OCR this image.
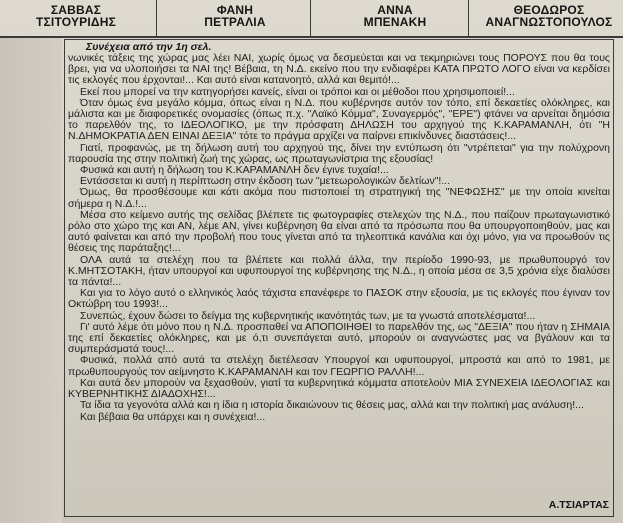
ΣΑΒΒΑΣ
ΤΣΙΤΟΥΡΙΔΗΣ
ΦΑΝΗ
ΠΕΤΡΑΛΙΑ
ΑΝΝΑ
ΜΠΕΝΑΚΗ
ΘΕΟΔΩΡΟΣ
ΑΝΑΓΝΩΣΤΟΠΟΥΛΟΣ
Συνέχεια από την 1η σελ.

νωνικές τάξεις της χώρας μας λέει ΝΑΙ, χωρίς όμως να δεσμεύεται και να τεκμηριώνει τους ΠΟΡΟΥΣ που θα τους βρει, για να υλοποιήσει τα ΝΑΙ της! Βέβαια, τη Ν.Δ. εκείνο που την ενδιαφέρει ΚΑΤΑ ΠΡΩΤΟ ΛΟΓΟ είναι να κερδίσει τις εκλογές που έρχονται!... Και αυτό είναι κατανοητό, αλλά και θεμιτό!...

Εκεί που μπορεί να την κατηγορήσει κανείς, είναι οι τρόποι και οι μέθοδοι που χρησιμοποιεί!...

Όταν όμως ένα μεγάλο κόμμα, όπως είναι η Ν.Δ. που κυβέρνησε αυτόν τον τόπο, επί δεκαετίες ολόκληρες, και μάλιστα και με διαφορετικές ονομασίες (όπως π.χ. "Λαϊκό Κόμμα", Συναγερμός", "ΕΡΕ") φτάνει να αρνείται δημόσια το παρελθόν της, το ΙΔΕΟΛΟΓΙΚΟ, με την πρόσφατη ΔΗΛΩΣΗ του αρχηγού της Κ.ΚΑΡΑΜΑΝΛΗ, ότι "Η Ν.ΔΗΜΟΚΡΑΤΙΑ ΔΕΝ ΕΙΝΑΙ ΔΕΞΙΑ" τότε το πράγμα αρχίζει να παίρνει επικίνδυνες διαστάσεις!...

Γιατί, προφανώς, με τη δήλωση αυτή του αρχηγού της, δίνει την εντύπωση ότι "ντρέπεται" για την πολύχρονη παρουσία της στην πολιτική ζωή της χώρας, ως πρωταγωνίστρια της εξουσίας!

Φυσικά και αυτή η δήλωση του Κ.ΚΑΡΑΜΑΝΛΗ δεν έγινε τυχαία!...

Εντάσσεται κι αυτή η περίπτωση στην έκδοση των "μετεωρολογικών δελτίων"!...

Όμως, θα προσθέσουμε και κάτι ακόμα που πιστοποιεί τη στρατηγική της "ΝΕΦΩΣΗΣ" με την οποία κινείται σήμερα η Ν.Δ.!...

Μέσα στο κείμενο αυτής της σελίδας βλέπετε τις φωτογραφίες στελεχών της Ν.Δ., που παίζουν πρωταγωνιστικό ρόλο στο χώρο της και ΑΝ, λέμε ΑΝ, γίνει κυβέρνηση θα είναι από τα πρόσωπα που θα υπουργοποιηθούν, μας και αυτό φαίνεται και από την προβολή που τους γίνεται από τα τηλεοπτικά κανάλια και όχι μόνο, για να προωθούν τις θέσεις της παράταξης!...

ΟΛΑ αυτά τα στελέχη που τα βλέπετε και πολλά άλλα, την περίοδο 1990-93, με πρωθυπουργό τον Κ.ΜΗΤΣΟΤΑΚΗ, ήταν υπουργοί και υφυπουργοί της κυβέρνησης της Ν.Δ., η οποία μέσα σε 3,5 χρόνια είχε διαλύσει τα πάντα!...

Και για το λόγο αυτό ο ελληνικός λαός τάχιστα επανέφερε το ΠΑΣΟΚ στην εξουσία, με τις εκλογές που έγιναν τον Οκτώβρη του 1993!...

Συνεπώς, έχουν δώσει το δείγμα της κυβερνητικής ικανότητάς των, με τα γνωστά αποτελέσματα!...

Γι' αυτό λέμε ότι μόνο που η Ν.Δ. προσπαθεί να ΑΠΟΠΟΙΗΘΕΙ το παρελθόν της, ως "ΔΕΞΙΑ" που ήταν η ΣΗΜΑΙΑ της επί δεκαετίες ολόκληρες, και με ό,τι συνεπάγεται αυτό, μπορούν οι αναγνώστες μας να βγάλουν και τα συμπεράσματά τους!...

Φυσικά, πολλά από αυτά τα στελέχη διετέλεσαν Υπουργοί και υφυπουργοί, μπροστά και από το 1981, με πρωθυπουργούς τον αείμνηστο Κ.ΚΑΡΑΜΑΝΛΗ και τον ΓΕΩΡΓΙΟ ΡΑΛΛΗ!...

Και αυτά δεν μπορούν να ξεχασθούν, γιατί τα κυβερνητικά κόμματα αποτελούν ΜΙΑ ΣΥΝΕΧΕΙΑ ΙΔΕΟΛΟΓΙΑΣ και ΚΥΒΕΡΝΗΤΙΚΗΣ ΔΙΑΔΟΧΗΣ!...

Τα ίδια τα γεγονότα αλλά και η ίδια η ιστορία δικαιώνουν τις θέσεις μας, αλλά και την πολιτική μας ανάλυση!...

Και βέβαια θα υπάρχει και η συνέχεια!...

Α.ΤΣΙΑΡΤΑΣ
